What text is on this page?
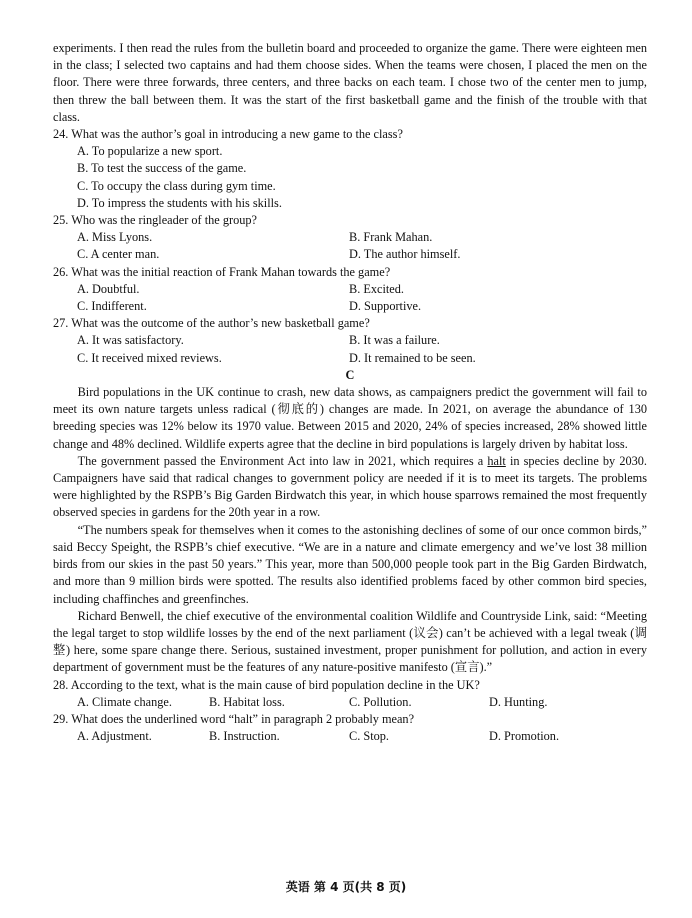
experiments. I then read the rules from the bulletin board and proceeded to organize the game. There were eighteen men in the class; I selected two captains and had them choose sides. When the teams were chosen, I placed the men on the floor. There were three forwards, three centers, and three backs on each team. I chose two of the center men to jump, then threw the ball between them. It was the start of the first basketball game and the finish of the trouble with that class.

24. What was the author’s goal in introducing a new game to the class?

A. To popularize a new sport.

B. To test the success of the game.

C. To occupy the class during gym time.

D. To impress the students with his skills.

25. Who was the ringleader of the group?

A. Miss Lyons.	B. Frank Mahan.
C. A center man.	D. The author himself.

26. What was the initial reaction of Frank Mahan towards the game?

A. Doubtful.	B. Excited.
C. Indifferent.	D. Supportive.

27. What was the outcome of the author’s new basketball game?

A. It was satisfactory.	B. It was a failure.
C. It received mixed reviews.	D. It remained to be seen.

C

Bird populations in the UK continue to crash, new data shows, as campaigners predict the government will fail to meet its own nature targets unless radical (彻底的) changes are made. In 2021, on average the abundance of 130 breeding species was 12% below its 1970 value. Between 2015 and 2020, 24% of species increased, 28% showed little change and 48% declined. Wildlife experts agree that the decline in bird populations is largely driven by habitat loss.

The government passed the Environment Act into law in 2021, which requires a halt in species decline by 2030. Campaigners have said that radical changes to government policy are needed if it is to meet its targets. The problems were highlighted by the RSPB’s Big Garden Birdwatch this year, in which house sparrows remained the most frequently observed species in gardens for the 20th year in a row.

“The numbers speak for themselves when it comes to the astonishing declines of some of our once common birds,” said Beccy Speight, the RSPB’s chief executive. “We are in a nature and climate emergency and we’ve lost 38 million birds from our skies in the past 50 years.” This year, more than 500,000 people took part in the Big Garden Birdwatch, and more than 9 million birds were spotted. The results also identified problems faced by other common bird species, including chaffinches and greenfinches.

Richard Benwell, the chief executive of the environmental coalition Wildlife and Countryside Link, said: “Meeting the legal target to stop wildlife losses by the end of the next parliament (议会) can’t be achieved with a legal tweak (调整) here, some spare change there. Serious, sustained investment, proper punishment for pollution, and action in every department of government must be the features of any nature-positive manifesto (宣言).”

28. According to the text, what is the main cause of bird population decline in the UK?

A. Climate change.	B. Habitat loss.	C. Pollution.	D. Hunting.

29. What does the underlined word “halt” in paragraph 2 probably mean?

A. Adjustment.	B. Instruction.	C. Stop.	D. Promotion.
英语 第 4 页(共 8 页)
